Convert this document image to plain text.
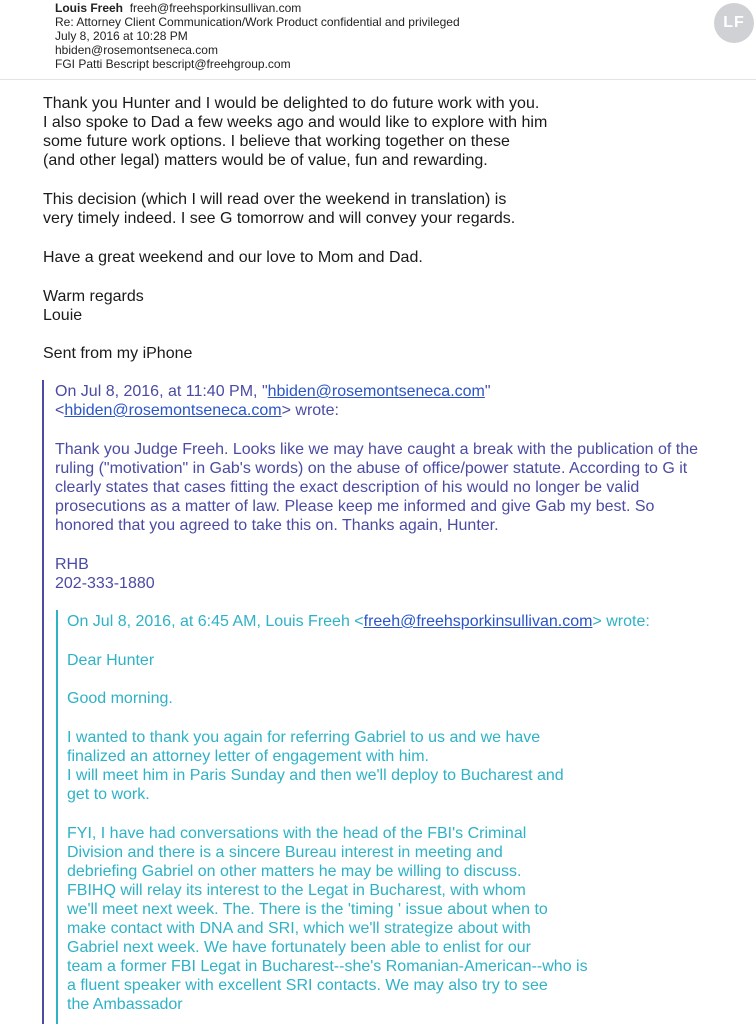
Louis Freeh freeh@freehsporkinsullivan.com
Re: Attorney Client Communication/Work Product confidential and privileged
July 8, 2016 at 10:28 PM
hbiden@rosemontseneca.com
FGI Patti Bescript bescript@freehgroup.com
LF
Thank you Hunter and I would be delighted to do future work with you.
I also spoke to Dad a few weeks ago and would like to explore with him
some future work options. I believe that working together on these
(and other legal) matters would be of value, fun and rewarding.
This decision (which I will read over the weekend in translation) is
very timely indeed. I see G tomorrow and will convey your regards.
Have a great weekend and our love to Mom and Dad.
Warm regards
Louie
Sent from my iPhone
On Jul 8, 2016, at 11:40 PM, "hbiden@rosemontseneca.com"
<hbiden@rosemontseneca.com> wrote:
Thank you Judge Freeh. Looks like we may have caught a break with the publication of the
ruling ("motivation" in Gab's words) on the abuse of office/power statute. According to G it
clearly states that cases fitting the exact description of his would no longer be valid
prosecutions as a matter of law. Please keep me informed and give Gab my best. So
honored that you agreed to take this on. Thanks again, Hunter.
RHB
202-333-1880
On Jul 8, 2016, at 6:45 AM, Louis Freeh <freeh@freehsporkinsullivan.com> wrote:
Dear Hunter
Good morning.
I wanted to thank you again for referring Gabriel to us and we have
finalized an attorney letter of engagement with him.
I will meet him in Paris Sunday and then we'll deploy to Bucharest and
get to work.
FYI, I have had conversations with the head of the FBI's Criminal
Division and there is a sincere Bureau interest in meeting and
debriefing Gabriel on other matters he may be willing to discuss.
FBIHQ will relay its interest to the Legat in Bucharest, with whom
we'll meet next week. The. There is the 'timing ' issue about when to
make contact with DNA and SRI, which we'll strategize about with
Gabriel next week. We have fortunately been able to enlist for our
team a former FBI Legat in Bucharest--she's Romanian-American--who is
a fluent speaker with excellent SRI contacts. We may also try to see
the Ambassador
